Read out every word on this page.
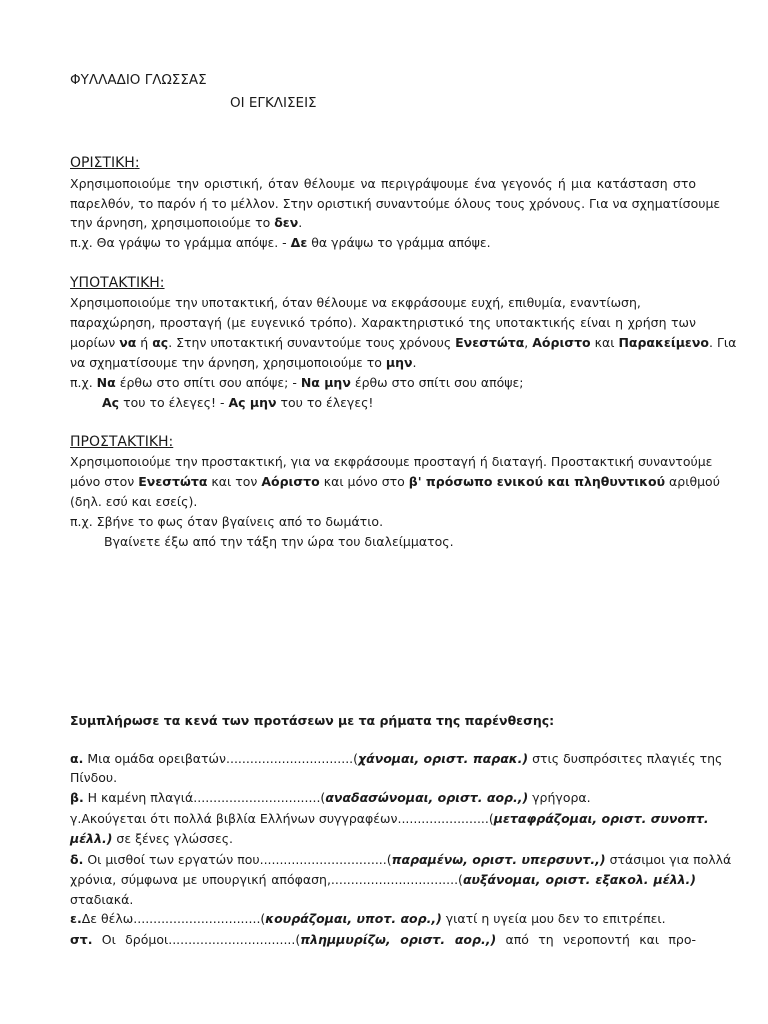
ΦΥΛΛΑΔΙΟ ΓΛΩΣΣΑΣ
ΟΙ ΕΓΚΛΙΣΕΙΣ
ΟΡΙΣΤΙΚΗ:
Χρησιμοποιούμε την οριστική, όταν θέλουμε να περιγράψουμε ένα γεγονός ή μια κατάσταση στο
παρελθόν, το παρόν ή το μέλλον. Στην οριστική συναντούμε όλους τους χρόνους. Για να σχηματίσουμε
την άρνηση, χρησιμοποιούμε το δεν.
π.χ. Θα γράψω το γράμμα απόψε. - Δε θα γράψω το γράμμα απόψε.
ΥΠΟΤΑΚΤΙΚΗ:
Χρησιμοποιούμε την υποτακτική, όταν θέλουμε να εκφράσουμε ευχή, επιθυμία, εναντίωση,
παραχώρηση, προσταγή (με ευγενικό τρόπο). Χαρακτηριστικό της υποτακτικής είναι η χρήση των
μορίων να ή ας. Στην υποτακτική συναντούμε τους χρόνους Ενεστώτα, Αόριστο και Παρακείμενο. Για
να σχηματίσουμε την άρνηση, χρησιμοποιούμε το μην.
π.χ. Να έρθω στο σπίτι σου απόψε; - Να μην έρθω στο σπίτι σου απόψε;
Ας του το έλεγες! - Ας μην του το έλεγες!
ΠΡΟΣΤΑΚΤΙΚΗ:
Χρησιμοποιούμε την προστακτική, για να εκφράσουμε προσταγή ή διαταγή. Προστακτική συναντούμε
μόνο στον Ενεστώτα και τον Αόριστο και μόνο στο β' πρόσωπο ενικού και πληθυντικού αριθμού
(δηλ. εσύ και εσείς).
π.χ. Σβήνε το φως όταν βγαίνεις από το δωμάτιο.
Βγαίνετε έξω από την τάξη την ώρα του διαλείμματος.
Συμπλήρωσε τα κενά των προτάσεων με τα ρήματα της παρένθεσης:
α. Μια ομάδα ορειβατών................................(χάνομαι, οριστ. παρακ.) στις δυσπρόσιτες πλαγιές της
Πίνδου.
β. Η καμένη πλαγιά................................(αναδασώνομαι, οριστ. αορ.,) γρήγορα.
γ.Ακούγεται ότι πολλά βιβλία Ελλήνων συγγραφέων.......................(μεταφράζομαι, οριστ. συνοπτ.
μέλλ.) σε ξένες γλώσσες.
δ. Οι μισθοί των εργατών που................................(παραμένω, οριστ. υπερσυντ.,) στάσιμοι για πολλά
χρόνια, σύμφωνα με υπουργική απόφαση,................................(αυξάνομαι, οριστ. εξακολ. μέλλ.)
σταδιακά.
ε.Δε θέλω................................(κουράζομαι, υποτ. αορ.,) γιατί η υγεία μου δεν το επιτρέπει.
στ. Οι δρόμοι................................(πλημμυρίζω, οριστ. αορ.,) από τη νεροποντή και προ-
